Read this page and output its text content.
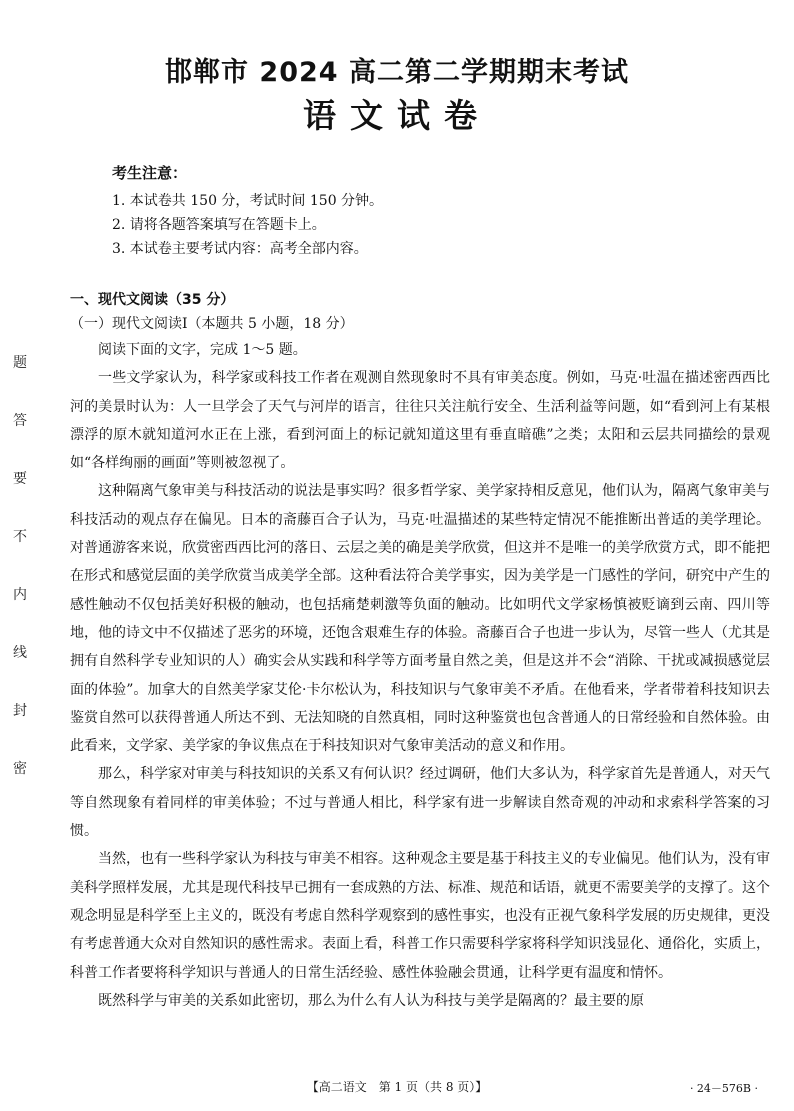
题
答
要
不
内
线
封
密
邯郸市 2024 高二第二学期期末考试
语文试卷
考生注意：
1. 本试卷共 150 分，考试时间 150 分钟。
2. 请将各题答案填写在答题卡上。
3. 本试卷主要考试内容：高考全部内容。
一、现代文阅读（35 分）
（一）现代文阅读Ⅰ（本题共 5 小题，18 分）

阅读下面的文字，完成 1～5 题。

一些文学家认为，科学家或科技工作者在观测自然现象时不具有审美态度。例如，马克·吐温在描述密西西比河的美景时认为：人一旦学会了天气与河岸的语言，往往只关注航行安全、生活利益等问题，如“看到河上有某根漂浮的原木就知道河水正在上涨，看到河面上的标记就知道这里有垂直暗礁”之类；太阳和云层共同描绘的景观如“各样绚丽的画面”等则被忽视了。

这种隔离气象审美与科技活动的说法是事实吗？很多哲学家、美学家持相反意见，他们认为，隔离气象审美与科技活动的观点存在偏见。日本的斋藤百合子认为，马克·吐温描述的某些特定情况不能推断出普适的美学理论。对普通游客来说，欣赏密西西比河的落日、云层之美的确是美学欣赏，但这并不是唯一的美学欣赏方式，即不能把在形式和感觉层面的美学欣赏当成美学全部。这种看法符合美学事实，因为美学是一门感性的学问，研究中产生的感性触动不仅包括美好积极的触动，也包括痛楚刺激等负面的触动。比如明代文学家杨慎被贬谪到云南、四川等地，他的诗文中不仅描述了恶劣的环境，还饱含艰难生存的体验。斋藤百合子也进一步认为，尽管一些人（尤其是拥有自然科学专业知识的人）确实会从实践和科学等方面考量自然之美，但是这并不会“消除、干扰或减损感觉层面的体验”。加拿大的自然美学家艾伦·卡尔松认为，科技知识与气象审美不矛盾。在他看来，学者带着科技知识去鉴赏自然可以获得普通人所达不到、无法知晓的自然真相，同时这种鉴赏也包含普通人的日常经验和自然体验。由此看来，文学家、美学家的争议焦点在于科技知识对气象审美活动的意义和作用。

那么，科学家对审美与科技知识的关系又有何认识？经过调研，他们大多认为，科学家首先是普通人，对天气等自然现象有着同样的审美体验；不过与普通人相比，科学家有进一步解读自然奇观的冲动和求索科学答案的习惯。

当然，也有一些科学家认为科技与审美不相容。这种观念主要是基于科技主义的专业偏见。他们认为，没有审美科学照样发展，尤其是现代科技早已拥有一套成熟的方法、标准、规范和话语，就更不需要美学的支撑了。这个观念明显是科学至上主义的，既没有考虑自然科学观察到的感性事实，也没有正视气象科学发展的历史规律，更没有考虑普通大众对自然知识的感性需求。表面上看，科普工作只需要科学家将科学知识浅显化、通俗化，实质上，科普工作者要将科学知识与普通人的日常生活经验、感性体验融会贯通，让科学更有温度和情怀。

既然科学与审美的关系如此密切，那么为什么有人认为科技与美学是隔离的？最主要的原

【高二语文　第 1 页（共 8 页）】	· 24－576B ·
